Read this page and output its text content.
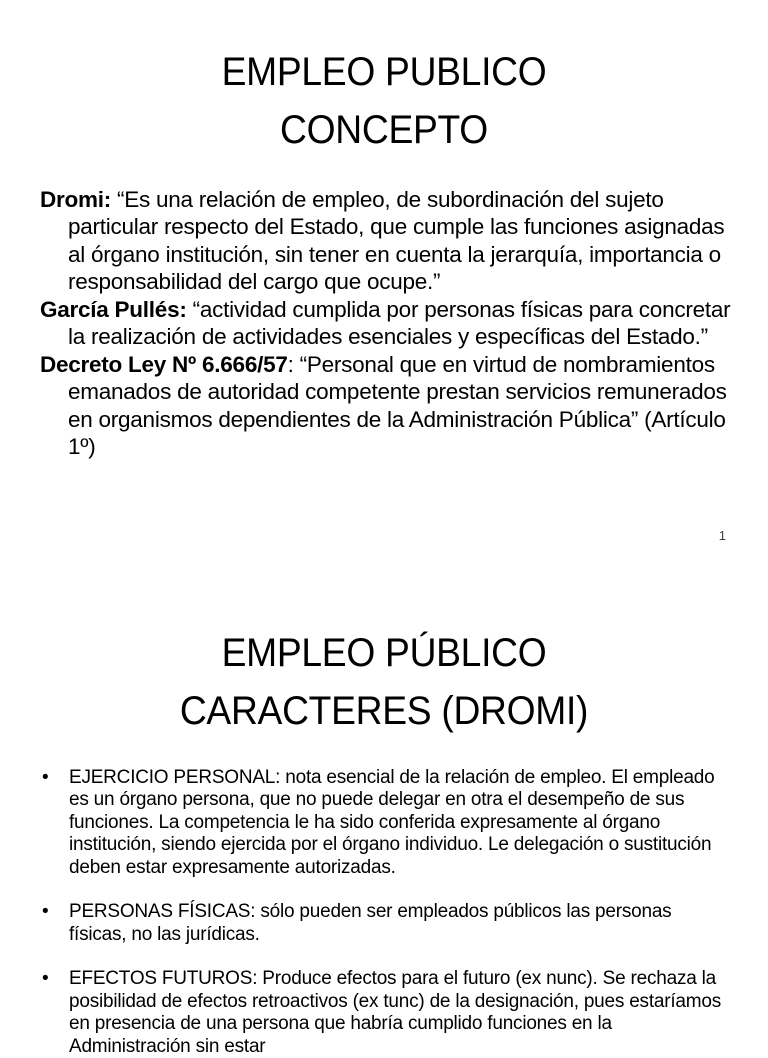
EMPLEO PUBLICO
CONCEPTO

Dromi: “Es una relación de empleo, de subordinación del sujeto particular respecto del Estado, que cumple las funciones asignadas al órgano institución, sin tener en cuenta la jerarquía, importancia o responsabilidad del cargo que ocupe.”

García Pullés: “actividad cumplida por personas físicas para concretar la realización de actividades esenciales y específicas del Estado.”

Decreto Ley Nº 6.666/57: “Personal que en virtud de nombramientos emanados de autoridad competente prestan servicios remunerados en organismos dependientes de la Administración Pública” (Artículo 1º)

1
EMPLEO PÚBLICO
CARACTERES (DROMI)
• EJERCICIO PERSONAL: nota esencial de la relación de empleo. El empleado es un órgano persona, que no puede delegar en otra el desempeño de sus funciones. La competencia le ha sido conferida expresamente al órgano institución, siendo ejercida por el órgano individuo. Le delegación o sustitución deben estar expresamente autorizadas.
• PERSONAS FÍSICAS: sólo pueden ser empleados públicos las personas físicas, no las jurídicas.
• EFECTOS FUTUROS: Produce efectos para el futuro (ex nunc). Se rechaza la posibilidad de efectos retroactivos (ex tunc) de la designación, pues estaríamos en presencia de una persona que habría cumplido funciones en la Administración sin estar
